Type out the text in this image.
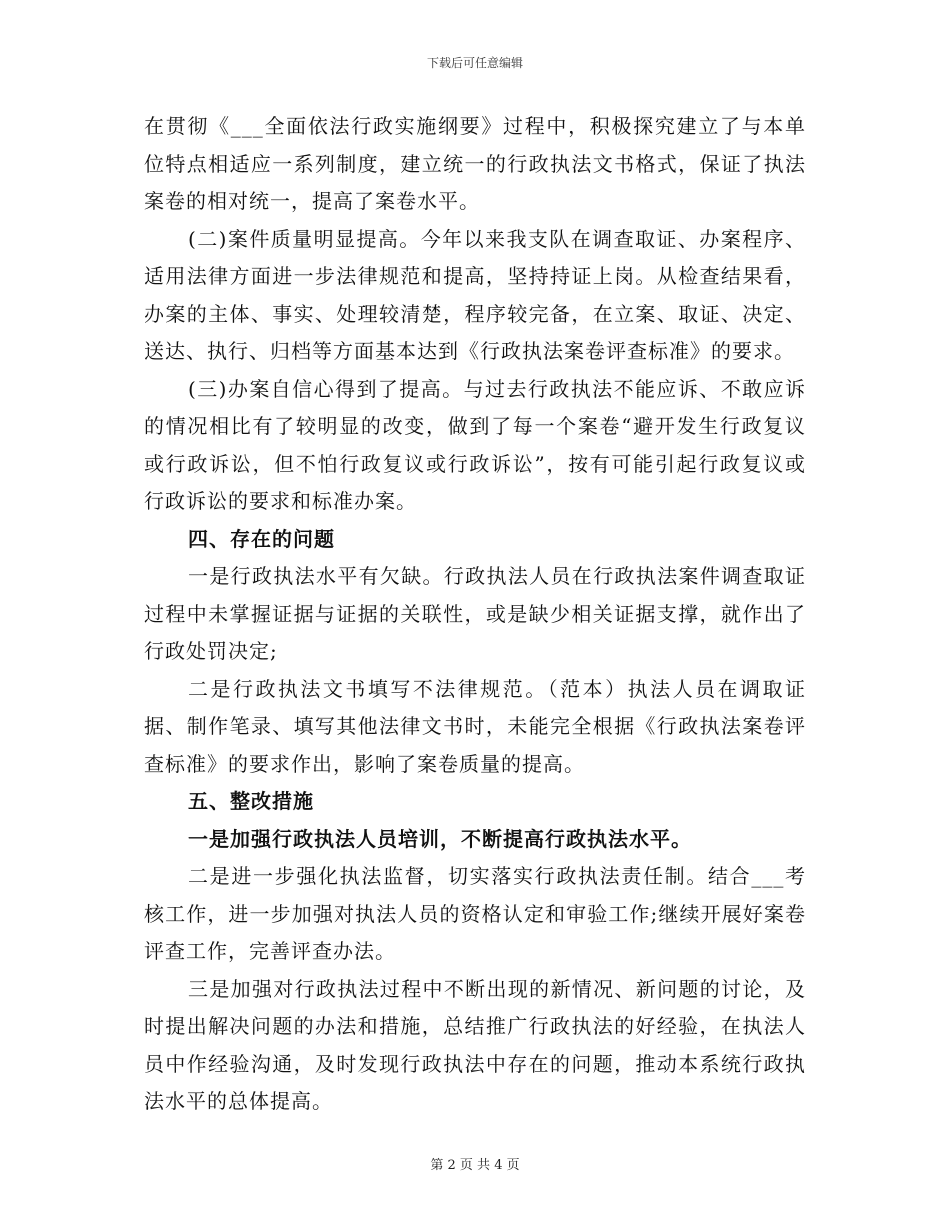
下载后可任意编辑

在贯彻《___全面依法行政实施纲要》过程中，积极探究建立了与本单位特点相适应一系列制度，建立统一的行政执法文书格式，保证了执法案卷的相对统一，提高了案卷水平。

(二)案件质量明显提高。今年以来我支队在调查取证、办案程序、适用法律方面进一步法律规范和提高，坚持持证上岗。从检查结果看，办案的主体、事实、处理较清楚，程序较完备，在立案、取证、决定、送达、执行、归档等方面基本达到《行政执法案卷评查标准》的要求。

(三)办案自信心得到了提高。与过去行政执法不能应诉、不敢应诉的情况相比有了较明显的改变，做到了每一个案卷“避开发生行政复议或行政诉讼，但不怕行政复议或行政诉讼”，按有可能引起行政复议或行政诉讼的要求和标准办案。

四、存在的问题

一是行政执法水平有欠缺。行政执法人员在行政执法案件调查取证过程中未掌握证据与证据的关联性，或是缺少相关证据支撑，就作出了行政处罚决定;

二是行政执法文书填写不法律规范。（范本）执法人员在调取证据、制作笔录、填写其他法律文书时，未能完全根据《行政执法案卷评查标准》的要求作出，影响了案卷质量的提高。

五、整改措施

一是加强行政执法人员培训，不断提高行政执法水平。

二是进一步强化执法监督，切实落实行政执法责任制。结合___考核工作，进一步加强对执法人员的资格认定和审验工作;继续开展好案卷评查工作，完善评查办法。

三是加强对行政执法过程中不断出现的新情况、新问题的讨论，及时提出解决问题的办法和措施，总结推广行政执法的好经验，在执法人员中作经验沟通，及时发现行政执法中存在的问题，推动本系统行政执法水平的总体提高。

第 2 页 共 4 页
